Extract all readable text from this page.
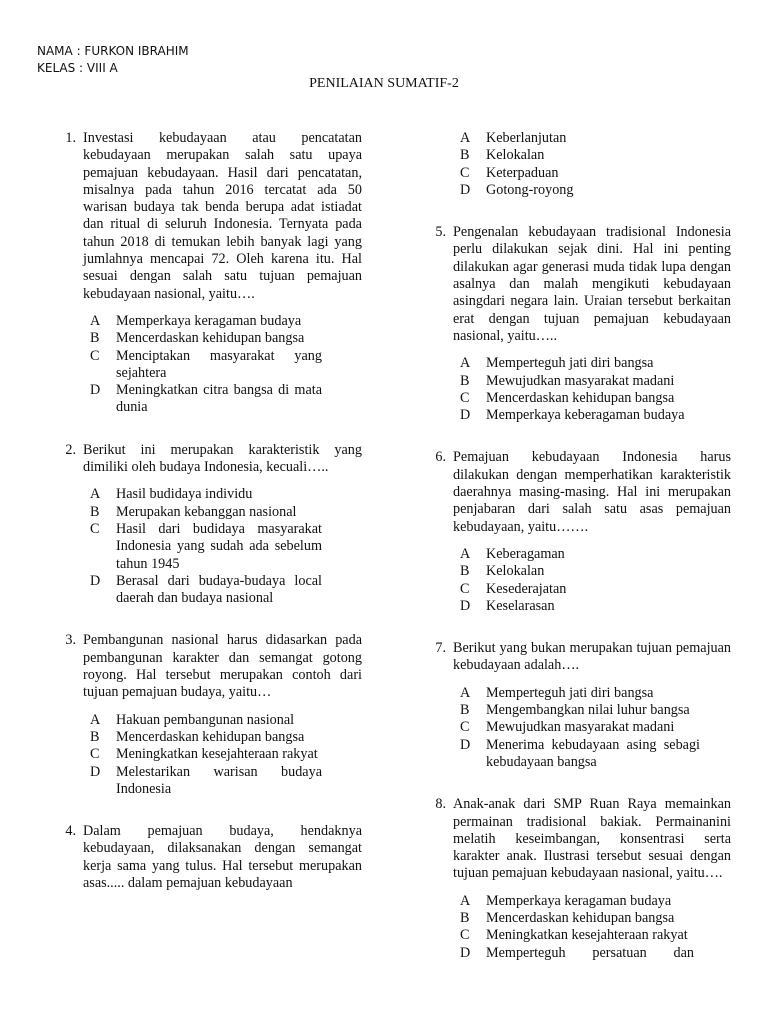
NAMA : FURKON IBRAHIM
KELAS : VIII A
PENILAIAN SUMATIF-2
1. Investasi kebudayaan atau pencatatan kebudayaan merupakan salah satu upaya pemajuan kebudayaan. Hasil dari pencatatan, misalnya pada tahun 2016 tercatat ada 50 warisan budaya tak benda berupa adat istiadat dan ritual di seluruh Indonesia. Ternyata pada tahun 2018 di temukan lebih banyak lagi yang jumlahnya mencapai 72. Oleh karena itu. Hal sesuai dengan salah satu tujuan pemajuan kebudayaan nasional, yaitu….
A	Memperkaya keragaman budaya
B	Mencerdaskan kehidupan bangsa
C	Menciptakan masyarakat yang sejahtera
D	Meningkatkan citra bangsa di mata dunia
2. Berikut ini merupakan karakteristik yang dimiliki oleh budaya Indonesia, kecuali…..
A	Hasil budidaya individu
B	Merupakan kebanggan nasional
C	Hasil dari budidaya masyarakat Indonesia yang sudah ada sebelum tahun 1945
D	Berasal dari budaya-budaya local daerah dan budaya nasional
3. Pembangunan nasional harus didasarkan pada pembangunan karakter dan semangat gotong royong. Hal tersebut merupakan contoh dari tujuan pemajuan budaya, yaitu…
A	Hakuan pembangunan nasional
B	Mencerdaskan kehidupan bangsa
C	Meningkatkan kesejahteraan rakyat
D	Melestarikan warisan budaya Indonesia
4. Dalam pemajuan budaya, hendaknya kebudayaan, dilaksanakan dengan semangat kerja sama yang tulus. Hal tersebut merupakan asas..... dalam pemajuan kebudayaan
A	Keberlanjutan
B	Kelokalan
C	Keterpaduan
D	Gotong-royong
5. Pengenalan kebudayaan tradisional Indonesia perlu dilakukan sejak dini. Hal ini penting dilakukan agar generasi muda tidak lupa dengan asalnya dan malah mengikuti kebudayaan asingdari negara lain. Uraian tersebut berkaitan erat dengan tujuan pemajuan kebudayaan nasional, yaitu…..
A	Memperteguh jati diri bangsa
B	Mewujudkan masyarakat madani
C	Mencerdaskan kehidupan bangsa
D	Memperkaya keberagaman budaya
6. Pemajuan kebudayaan Indonesia harus dilakukan dengan memperhatikan karakteristik daerahnya masing-masing. Hal ini merupakan penjabaran dari salah satu asas pemajuan kebudayaan, yaitu…….
A	Keberagaman
B	Kelokalan
C	Kesederajatan
D	Keselarasan
7. Berikut yang bukan merupakan tujuan pemajuan kebudayaan adalah….
A	Memperteguh jati diri bangsa
B	Mengembangkan nilai luhur bangsa
C	Mewujudkan masyarakat madani
D	Menerima kebudayaan asing sebagi kebudayaan bangsa
8. Anak-anak dari SMP Ruan Raya memainkan permainan tradisional bakiak. Permainanini melatih keseimbangan, konsentrasi serta karakter anak. Ilustrasi tersebut sesuai dengan tujuan pemajuan kebudayaan nasional, yaitu….
A	Memperkaya keragaman budaya
B	Mencerdaskan kehidupan bangsa
C	Meningkatkan kesejahteraan rakyat
D	Memperteguh persatuan dan
